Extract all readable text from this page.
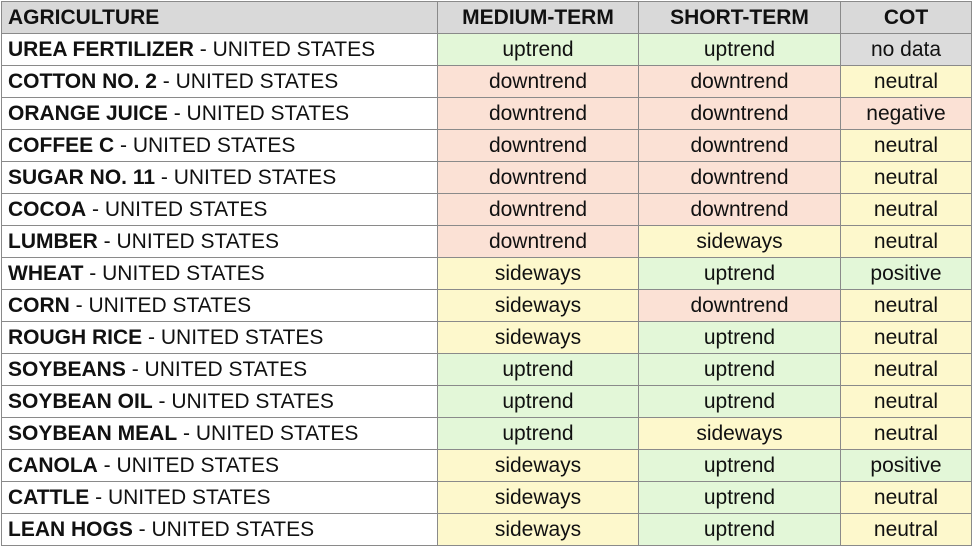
AGRICULTURE	MEDIUM-TERM	SHORT-TERM	COT
UREA FERTILIZER - UNITED STATES	uptrend	uptrend	no data
COTTON NO. 2 - UNITED STATES	downtrend	downtrend	neutral
ORANGE JUICE - UNITED STATES	downtrend	downtrend	negative
COFFEE C - UNITED STATES	downtrend	downtrend	neutral
SUGAR NO. 11 - UNITED STATES	downtrend	downtrend	neutral
COCOA - UNITED STATES	downtrend	downtrend	neutral
LUMBER - UNITED STATES	downtrend	sideways	neutral
WHEAT - UNITED STATES	sideways	uptrend	positive
CORN - UNITED STATES	sideways	downtrend	neutral
ROUGH RICE - UNITED STATES	sideways	uptrend	neutral
SOYBEANS - UNITED STATES	uptrend	uptrend	neutral
SOYBEAN OIL - UNITED STATES	uptrend	uptrend	neutral
SOYBEAN MEAL - UNITED STATES	uptrend	sideways	neutral
CANOLA - UNITED STATES	sideways	uptrend	positive
CATTLE - UNITED STATES	sideways	uptrend	neutral
LEAN HOGS - UNITED STATES	sideways	uptrend	neutral
